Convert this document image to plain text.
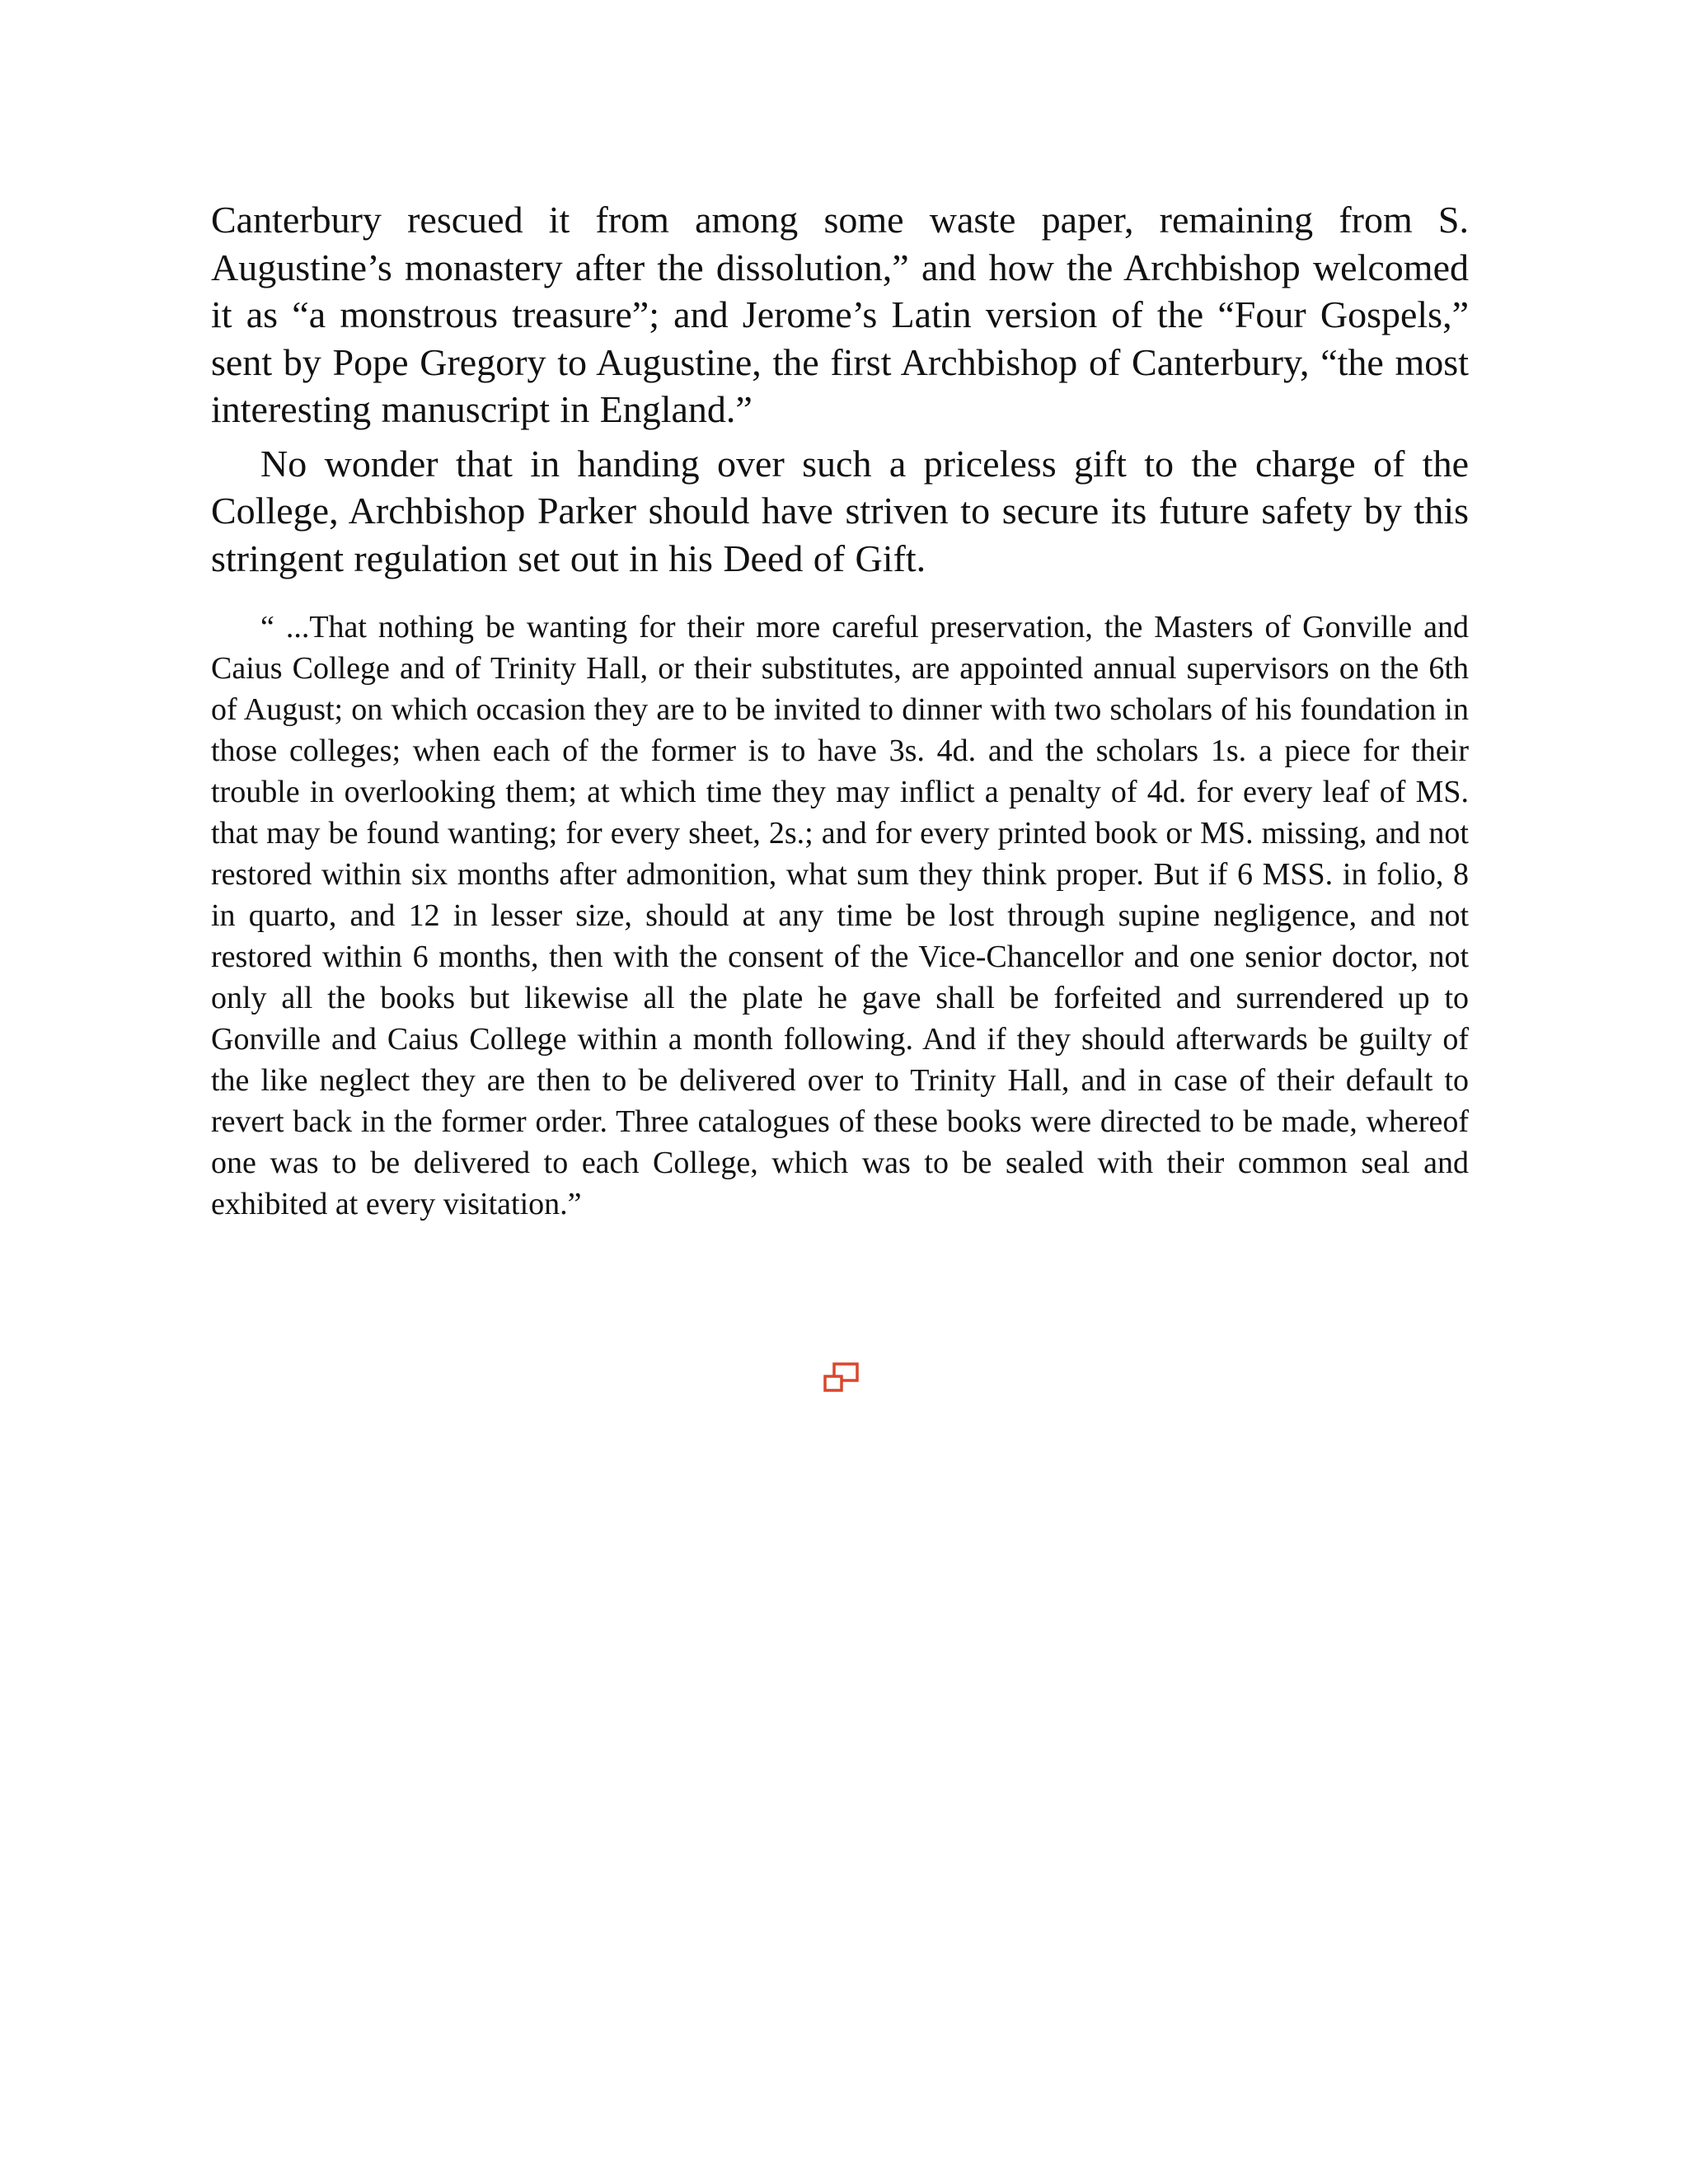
Canterbury rescued it from among some waste paper, remaining from S. Augustine’s monastery after the dissolution,” and how the Archbishop welcomed it as “a monstrous treasure”; and Jerome’s Latin version of the “Four Gospels,” sent by Pope Gregory to Augustine, the first Archbishop of Canterbury, “the most interesting manuscript in England.”

No wonder that in handing over such a priceless gift to the charge of the College, Archbishop Parker should have striven to secure its future safety by this stringent regulation set out in his Deed of Gift.

“ ...That nothing be wanting for their more careful preservation, the Masters of Gonville and Caius College and of Trinity Hall, or their substitutes, are appointed annual supervisors on the 6th of August; on which occasion they are to be invited to dinner with two scholars of his foundation in those colleges; when each of the former is to have 3s. 4d. and the scholars 1s. a piece for their trouble in overlooking them; at which time they may inflict a penalty of 4d. for every leaf of MS. that may be found wanting; for every sheet, 2s.; and for every printed book or MS. missing, and not restored within six months after admonition, what sum they think proper. But if 6 MSS. in folio, 8 in quarto, and 12 in lesser size, should at any time be lost through supine negligence, and not restored within 6 months, then with the consent of the Vice-Chancellor and one senior doctor, not only all the books but likewise all the plate he gave shall be forfeited and surrendered up to Gonville and Caius College within a month following. And if they should afterwards be guilty of the like neglect they are then to be delivered over to Trinity Hall, and in case of their default to revert back in the former order. Three catalogues of these books were directed to be made, whereof one was to be delivered to each College, which was to be sealed with their common seal and exhibited at every visitation.”
